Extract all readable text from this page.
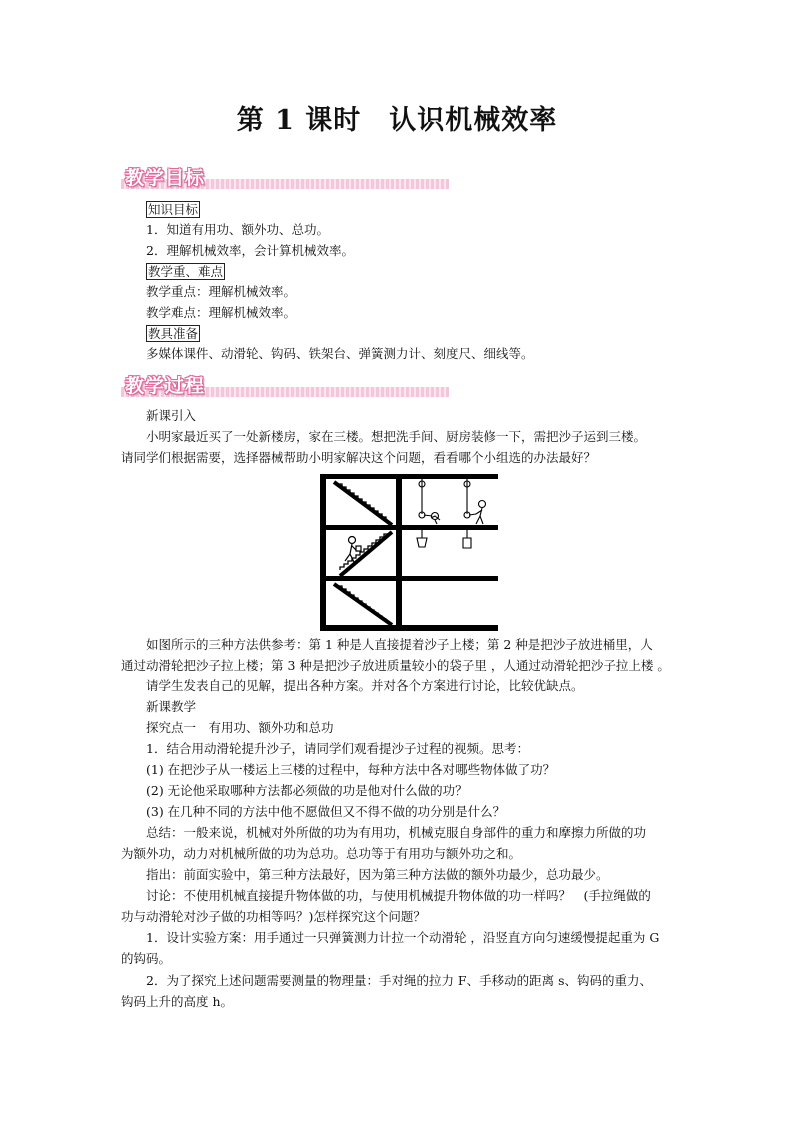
第 1 课时　认识机械效率
教学目标
知识目标
1．知道有用功、额外功、总功。
2．理解机械效率，会计算机械效率。
教学重、难点
教学重点：理解机械效率。
教学难点：理解机械效率。
教具准备
多媒体课件、动滑轮、钩码、铁架台、弹簧测力计、刻度尺、细线等。
教学过程
新课引入
小明家最近买了一处新楼房，家在三楼。想把洗手间、厨房装修一下，需把沙子运到三楼。
请同学们根据需要，选择器械帮助小明家解决这个问题，看看哪个小组选的办法最好？
如图所示的三种方法供参考：第 1 种是人直接提着沙子上楼；第 2 种是把沙子放进桶里，人
通过动滑轮把沙子拉上楼；第 3 种是把沙子放进质量较小的袋子里 ，人通过动滑轮把沙子拉上楼 。
请学生发表自己的见解，提出各种方案。并对各个方案进行讨论，比较优缺点。
新课教学
探究点一　有用功、额外功和总功
1．结合用动滑轮提升沙子，请同学们观看提沙子过程的视频。思考：
(1) 在把沙子从一楼运上三楼的过程中，每种方法中各对哪些物体做了功？
(2) 无论他采取哪种方法都必须做的功是他对什么做的功？
(3) 在几种不同的方法中他不愿做但又不得不做的功分别是什么？
总结：一般来说，机械对外所做的功为有用功，机械克服自身部件的重力和摩擦力所做的功
为额外功，动力对机械所做的功为总功。总功等于有用功与额外功之和。
指出：前面实验中，第三种方法最好，因为第三种方法做的额外功最少，总功最少。
讨论：不使用机械直接提升物体做的功，与使用机械提升物体做的功一样吗？　(手拉绳做的
功与动滑轮对沙子做的功相等吗？)怎样探究这个问题？
1．设计实验方案：用手通过一只弹簧测力计拉一个动滑轮 ，沿竖直方向匀速缓慢提起重为 G
的钩码。
2．为了探究上述问题需要测量的物理量：手对绳的拉力 F、手移动的距离 s、钩码的重力、
钩码上升的高度 h。
